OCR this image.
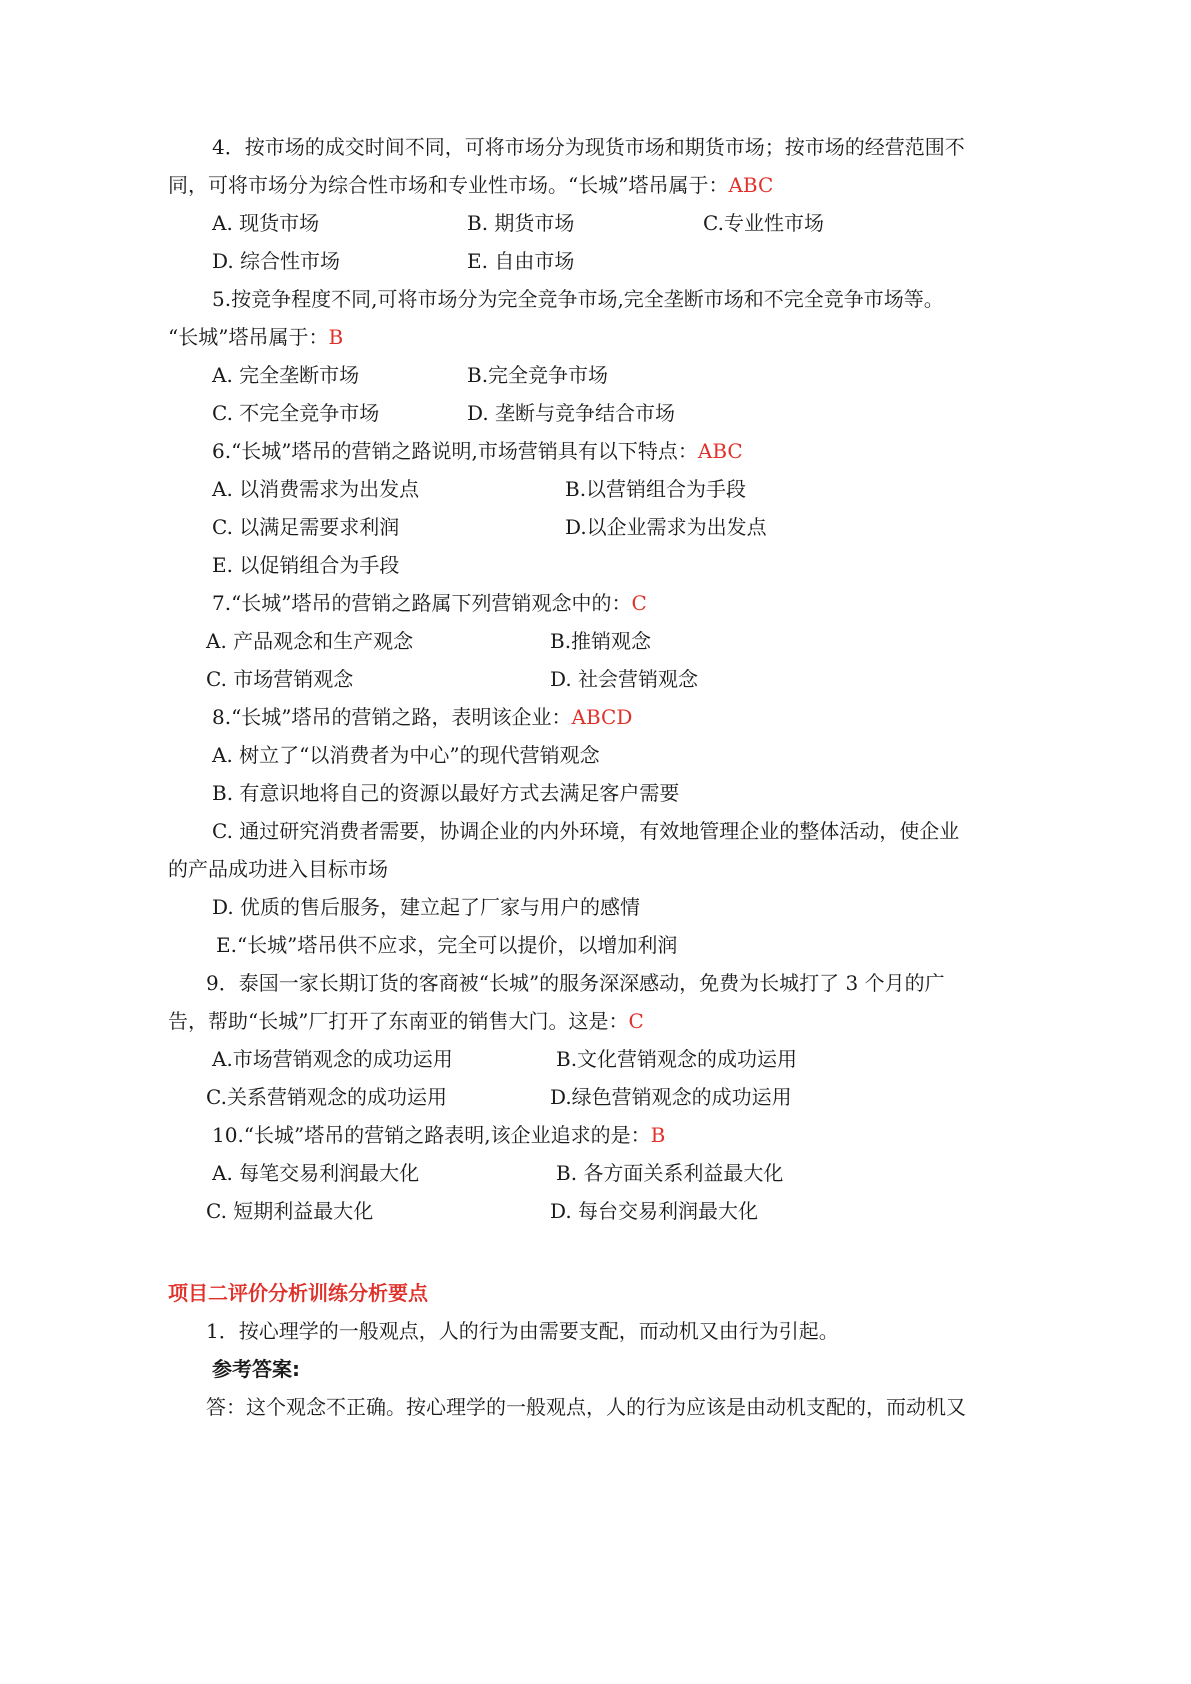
4．按市场的成交时间不同，可将市场分为现货市场和期货市场；按市场的经营范围不
同，可将市场分为综合性市场和专业性市场。“长城”塔吊属于：ABC
A. 现货市场	B. 期货市场	C.专业性市场
D. 综合性市场	E. 自由市场
5.按竞争程度不同,可将市场分为完全竞争市场,完全垄断市场和不完全竞争市场等。
“长城”塔吊属于：B
A. 完全垄断市场	B.完全竞争市场
C. 不完全竞争市场	D. 垄断与竞争结合市场
6.“长城”塔吊的营销之路说明,市场营销具有以下特点：ABC
A. 以消费需求为出发点	B.以营销组合为手段
C. 以满足需要求利润	D.以企业需求为出发点
E. 以促销组合为手段
7.“长城”塔吊的营销之路属下列营销观念中的：C
A. 产品观念和生产观念	B.推销观念
C. 市场营销观念	D. 社会营销观念
8.“长城”塔吊的营销之路，表明该企业：ABCD
A. 树立了“以消费者为中心”的现代营销观念
B. 有意识地将自己的资源以最好方式去满足客户需要
C. 通过研究消费者需要，协调企业的内外环境，有效地管理企业的整体活动，使企业
的产品成功进入目标市场
D. 优质的售后服务，建立起了厂家与用户的感情
E.“长城”塔吊供不应求，完全可以提价，以增加利润
9．泰国一家长期订货的客商被“长城”的服务深深感动，免费为长城打了 3 个月的广
告，帮助“长城”厂打开了东南亚的销售大门。这是：C
A.市场营销观念的成功运用	B.文化营销观念的成功运用
C.关系营销观念的成功运用	D.绿色营销观念的成功运用
10.“长城”塔吊的营销之路表明,该企业追求的是：B
A. 每笔交易利润最大化	B. 各方面关系利益最大化
C. 短期利益最大化	D. 每台交易利润最大化
项目二评价分析训练分析要点
1．按心理学的一般观点，人的行为由需要支配，而动机又由行为引起。
参考答案:
答：这个观念不正确。按心理学的一般观点，人的行为应该是由动机支配的，而动机又
